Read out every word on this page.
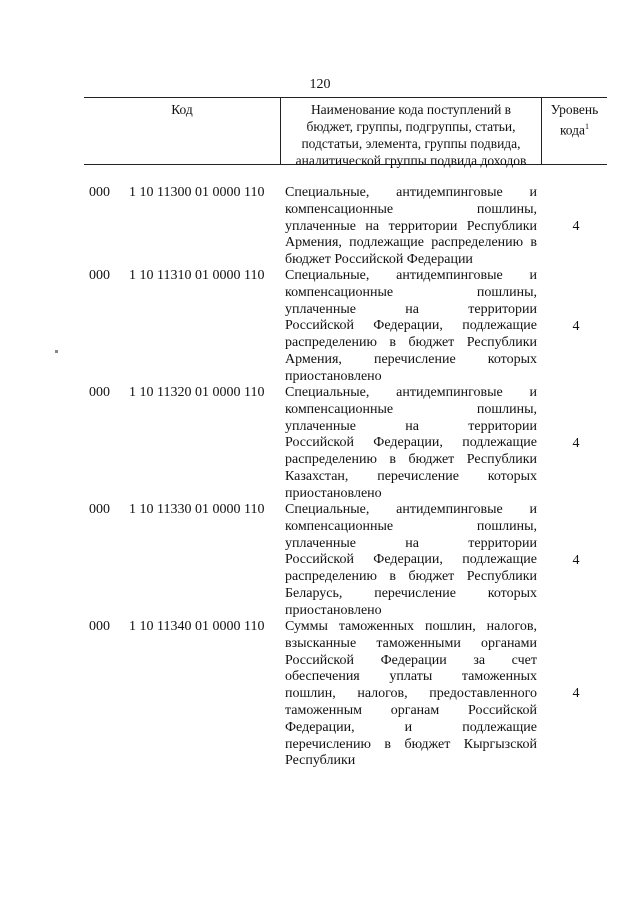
120
Код	Наименование кода поступлений в
бюджет, группы, подгруппы, статьи,
подстатьи, элемента, группы подвида,
аналитической группы подвида доходов
Уровень
кода$^1$
000	1 10 11300 01 0000 110	Специальные, антидемпинговые и
компенсационные пошлины,
уплаченные на территории Республики
Армения, подлежащие распределению в
бюджет Российской Федерации
4
000	1 10 11310 01 0000 110	Специальные, антидемпинговые и
компенсационные пошлины,
уплаченные на территории
Российской Федерации, подлежащие
распределению в бюджет Республики
Армения, перечисление которых
приостановлено
4
000	1 10 11320 01 0000 110	Специальные, антидемпинговые и
компенсационные пошлины,
уплаченные на территории
Российской Федерации, подлежащие
распределению в бюджет Республики
Казахстан, перечисление которых
приостановлено
4
000	1 10 11330 01 0000 110	Специальные, антидемпинговые и
компенсационные пошлины,
уплаченные на территории
Российской Федерации, подлежащие
распределению в бюджет Республики
Беларусь, перечисление которых
приостановлено
4
000	1 10 11340 01 0000 110	Суммы таможенных пошлин, налогов,
взысканные таможенными органами
Российской Федерации за счет
обеспечения уплаты таможенных
пошлин, налогов, предоставленного
таможенным органам Российской
Федерации, и подлежащие
перечислению в бюджет Кыргызской
Республики
4
